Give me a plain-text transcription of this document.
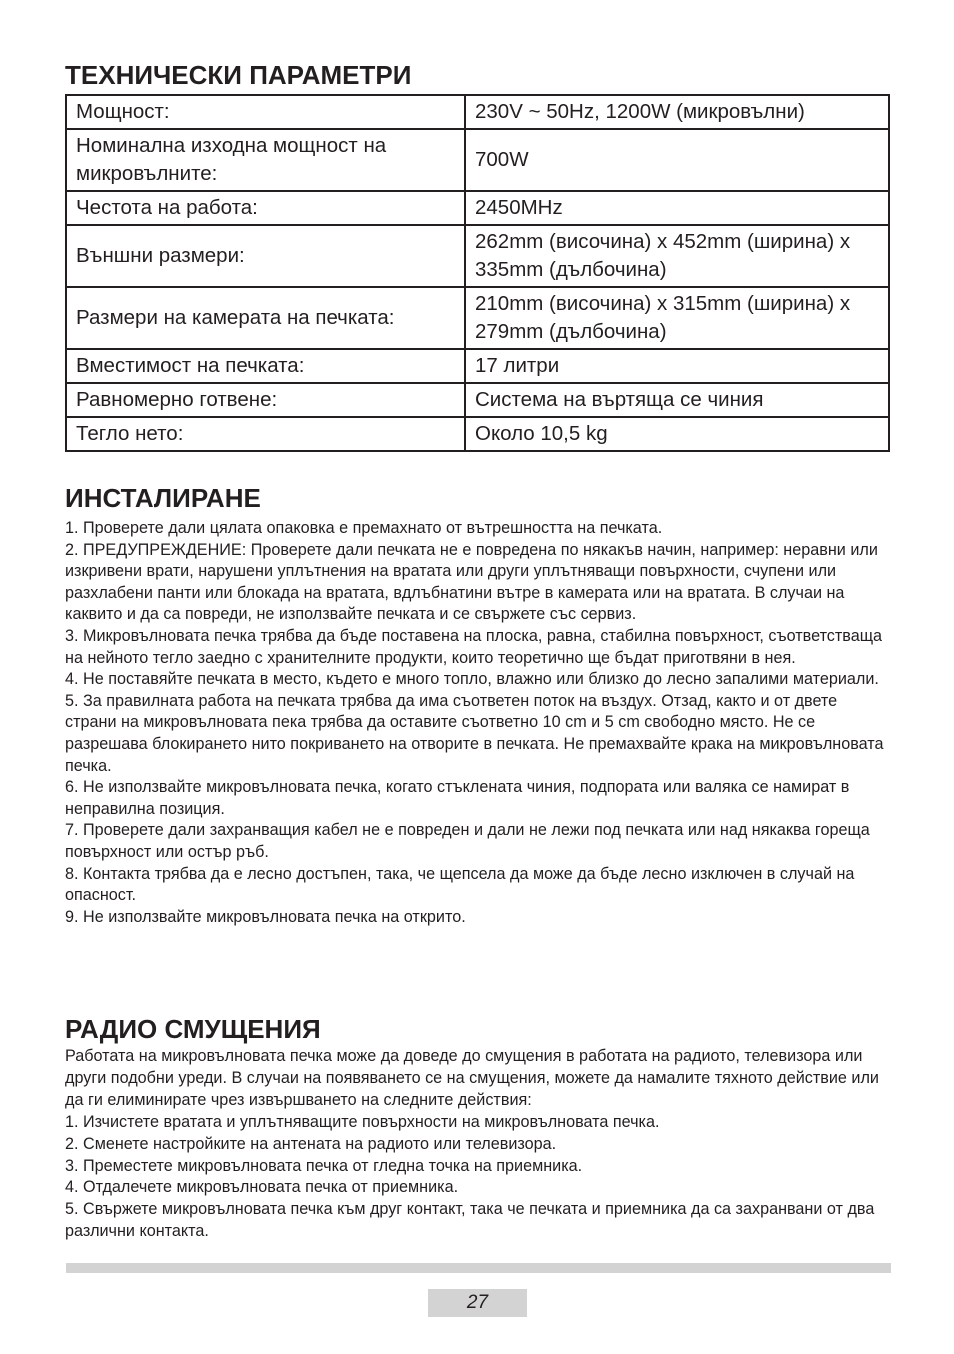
ТЕХНИЧЕСКИ ПАРАМЕТРИ
Мощност:	230V ~ 50Hz, 1200W (микровълни)
Номинална изходна мощност на микровълните:	700W
Честота на работа:	2450MHz
Външни размери:	262mm (височина) x 452mm (ширина) x 335mm (дълбочина)
Размери на камерата на печката:	210mm (височина) x 315mm (ширина) x 279mm (дълбочина)
Вместимост на печката:	17 литри
Равномерно готвене:	Система на въртяща се чиния
Тегло нето:	Около 10,5 kg
ИНСТАЛИРАНЕ

1. Проверете дали цялата опаковка е премахнато от вътрешността на печката.

2. ПРЕДУПРЕЖДЕНИЕ: Проверете дали печката не е повредена по някакъв начин, например: неравни или изкривени врати, нарушени уплътнения на вратата или други уплътняващи повърхности, счупени или разхлабени панти или блокада на вратата, вдлъбнатини вътре в камерата или на вратата. В случаи на каквито и да са повреди, не използвайте печката и се свържете със сервиз.

3. Микровълновата печка трябва да бъде поставена на плоска, равна, стабилна повърхност, съответстваща на нейното тегло заедно с хранителните продукти, които теоретично ще бъдат приготвяни в нея.

4. Не поставяйте печката в место, където е много топло, влажно или близко до лесно запалими материали.

5. За правилната работа на печката трябва да има съответен поток на въздух. Отзад, както и от двете страни на микровълновата пека трябва да оставите съответно 10 cm и 5 cm свободно място. Не се разрешава блокирането нито покриването на отворите в печката. Не премахвайте крака на микровълновата печка.

6. Не използвайте микровълновата печка, когато стъклената чиния, подпората или валяка се намират в неправилна позиция.

7. Проверете дали захранващия кабел не е повреден и дали не лежи под печката или над някаква гореща повърхност или остър ръб.

8. Контакта трябва да е лесно достъпен, така, че щепсела да може да бъде лесно изключен в случай на опасност.

9. Не използвайте микровълновата печка на открито.

РАДИО СМУЩЕНИЯ

Работата на микровълновата печка може да доведе до смущения в работата на радиото, телевизора или други подобни уреди. В случаи на появяването се на смущения, можете да намалите тяхното действие или да ги елиминирате чрез извършването на следните действия:

1. Изчистете вратата и уплътняващите повърхности на микровълновата печка.

2. Сменете настройките на антената на радиото или телевизора.

3. Преместете микровълновата печка от гледна точка на приемника.

4. Отдалечете микровълновата печка от приемника.

5. Свържете микровълновата печка към друг контакт, така че печката и приемника да са захранвани от два различни контакта.

27
